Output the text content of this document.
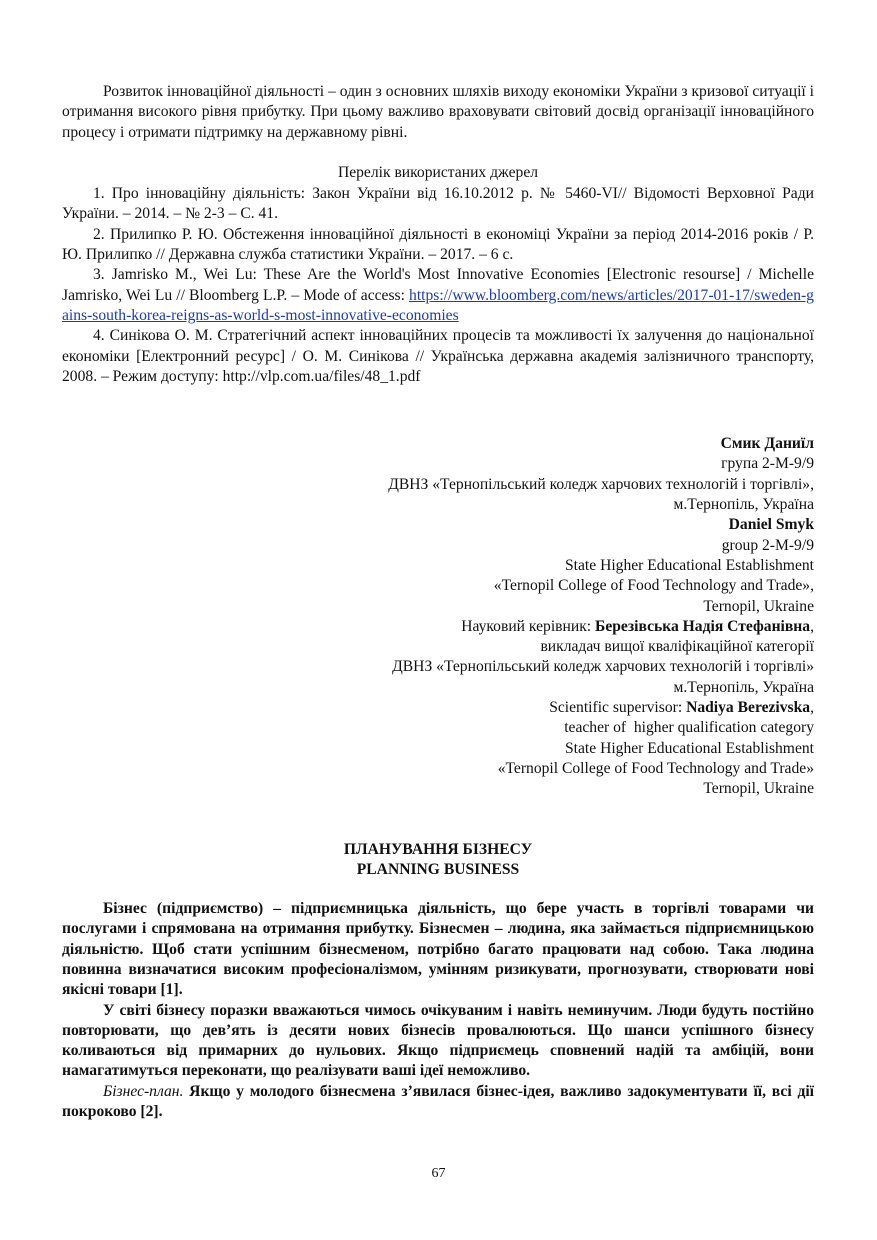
Розвиток інноваційної діяльності – один з основних шляхів виходу економіки України з кризової ситуації і отримання високого рівня прибутку. При цьому важливо враховувати світовий досвід організації інноваційного процесу і отримати підтримку на державному рівні.

Перелік використаних джерел

1. Про інноваційну діяльність: Закон України від 16.10.2012 р. № 5460-VI// Відомості Верховної Ради України. – 2014. – № 2-3 – С. 41.

2. Прилипко Р. Ю. Обстеження інноваційної діяльності в економіці України за період 2014-2016 років / Р. Ю. Прилипко // Державна служба статистики України. – 2017. – 6 с.

3. Jamrisko M., Wei Lu: These Are the World's Most Innovative Economies [Electronic resourse] / Michelle Jamrisko, Wei Lu // Bloomberg L.P. – Mode of access: https://www.bloomberg.com/news/articles/2017-01-17/sweden-gains-south-korea-reigns-as-world-s-most-innovative-economies

4. Синікова О. М. Стратегічний аспект інноваційних процесів та можливості їх залучення до національної економіки [Електронний ресурс] / О. М. Синікова // Українська державна академія залізничного транспорту, 2008. – Режим доступу: http://vlp.com.ua/files/48_1.pdf

Смик Даниїл
група 2-М-9/9
ДВНЗ «Тернопільський коледж харчових технологій і торгівлі»,
м.Тернопіль, Україна
Daniel Smyk
group 2-M-9/9
State Higher Educational Establishment
«Ternopil College of Food Technology and Trade»,
Ternopil, Ukraine
Науковий керівник: Березівська Надія Стефанівна,
викладач вищої кваліфікаційної категорії
ДВНЗ «Тернопільський коледж харчових технологій і торгівлі»
м.Тернопіль, Україна
Scientific supervisor: Nadiya Berezivska,
teacher of  higher qualification category
State Higher Educational Establishment
«Ternopil College of Food Technology and Trade»
Ternopil, Ukraine
ПЛАНУВАННЯ БІЗНЕСУ
PLANNING BUSINESS

Бізнес (підприємство) – підприємницька діяльність, що бере участь в торгівлі товарами чи послугами і спрямована на отримання прибутку. Бізнесмен – людина, яка займається підприємницькою діяльністю. Щоб стати успішним бізнесменом, потрібно багато працювати над собою. Така людина повинна визначатися високим професіоналізмом, умінням ризикувати, прогнозувати, створювати нові якісні товари [1].

У світі бізнесу поразки вважаються чимось очікуваним і навіть неминучим. Люди будуть постійно повторювати, що дев’ять із десяти нових бізнесів провалюються. Що шанси успішного бізнесу коливаються від примарних до нульових. Якщо підприємець сповнений надій та амбіцій, вони намагатимуться переконати, що реалізувати ваші ідеї неможливо.

Бізнес-план. Якщо у молодого бізнесмена з’явилася бізнес-ідея, важливо задокументувати її, всі дії покроково [2].

67
